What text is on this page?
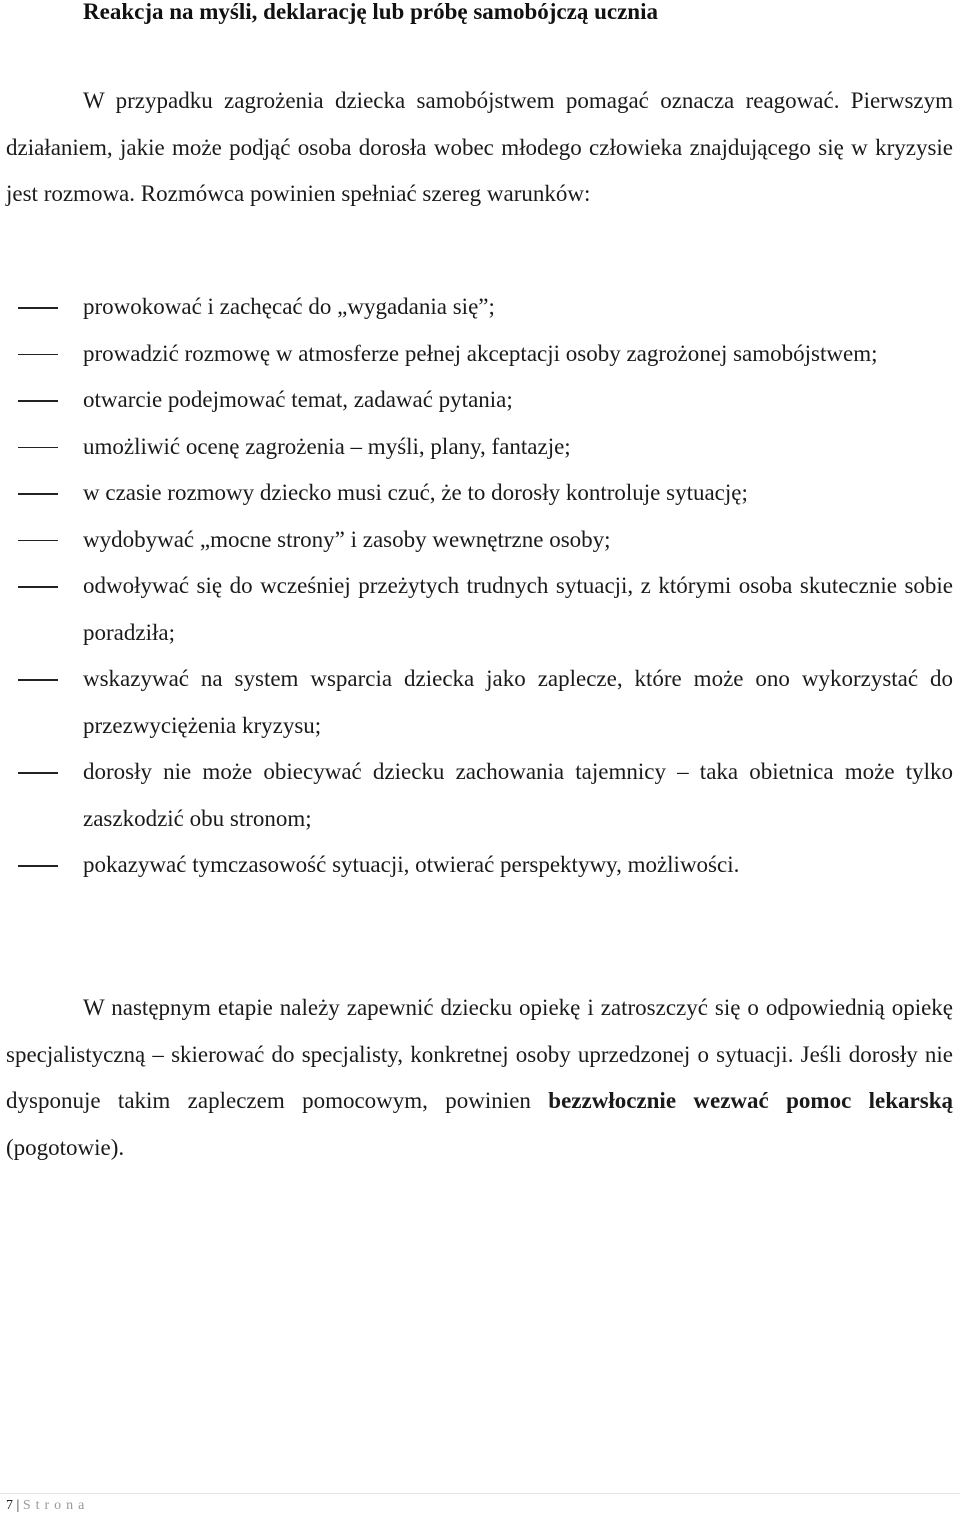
Reakcja na myśli, deklarację lub próbę samobójczą ucznia

W przypadku zagrożenia dziecka samobójstwem pomagać oznacza reagować. Pierwszym działaniem, jakie może podjąć osoba dorosła wobec młodego człowieka znajdującego się w kryzysie jest rozmowa. Rozmówca powinien spełniać szereg warunków:

prowokować i zachęcać do „wygadania się”;
prowadzić rozmowę w atmosferze pełnej akceptacji osoby zagrożonej samobójstwem;
otwarcie podejmować temat, zadawać pytania;
umożliwić ocenę zagrożenia – myśli, plany, fantazje;
w czasie rozmowy dziecko musi czuć, że to dorosły kontroluje sytuację;
wydobywać „mocne strony” i zasoby wewnętrzne osoby;
odwoływać się do wcześniej przeżytych trudnych sytuacji, z którymi osoba skutecznie sobie poradziła;
wskazywać na system wsparcia dziecka jako zaplecze, które może ono wykorzystać do przezwyciężenia kryzysu;
dorosły nie może obiecywać dziecku zachowania tajemnicy – taka obietnica może tylko zaszkodzić obu stronom;
pokazywać tymczasowość sytuacji, otwierać perspektywy, możliwości.

W następnym etapie należy zapewnić dziecku opiekę i zatroszczyć się o odpowiednią opiekę specjalistyczną – skierować do specjalisty, konkretnej osoby uprzedzonej o sytuacji. Jeśli dorosły nie dysponuje takim zapleczem pomocowym, powinien bezzwłocznie wezwać pomoc lekarską (pogotowie).

7 | Strona
